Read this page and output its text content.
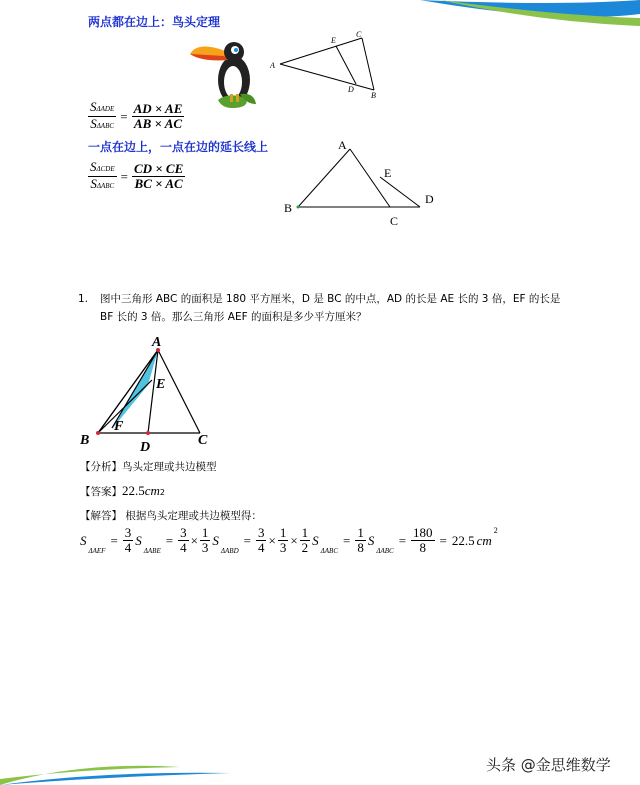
两点都在边上：鸟头定理
A
E
C
D
B
$\frac{\text{SΔADE}}{\text{SΔABC}} = \frac{AD \times AE}{AB \times AC}$
一点在边上，一点在边的延长线上
$\frac{\text{SΔCDE}}{\text{SΔABC}} = \frac{CD \times CE}{BC \times AC}$
A
E
D
B
C
1.	图中三角形 ABC 的面积是 180 平方厘米，D 是 BC 的中点，AD 的长是 AE 长的 3 倍，EF 的长是
BF 长的 3 倍。那么三角形 AEF 的面积是多少平方厘米？
A
E
F
B	D	C
【分析】鸟头定理或共边模型
【答案】 22.5 cm 2
【解答】 根据鸟头定理或共边模型得：
S
ΔAEF
= $\frac{3}{4}$ S
ΔABE
= $\frac{3}{4} \times \frac{1}{3}$ S
ΔABD
= $\frac{3}{4} \times \frac{1}{3} \times \frac{1}{2}$ S
ΔABC
= $\frac{1}{8}$ S
ΔABC
= $\frac{180}{8} = 22.5$ cm
$^2$
头条 @金思维数学
